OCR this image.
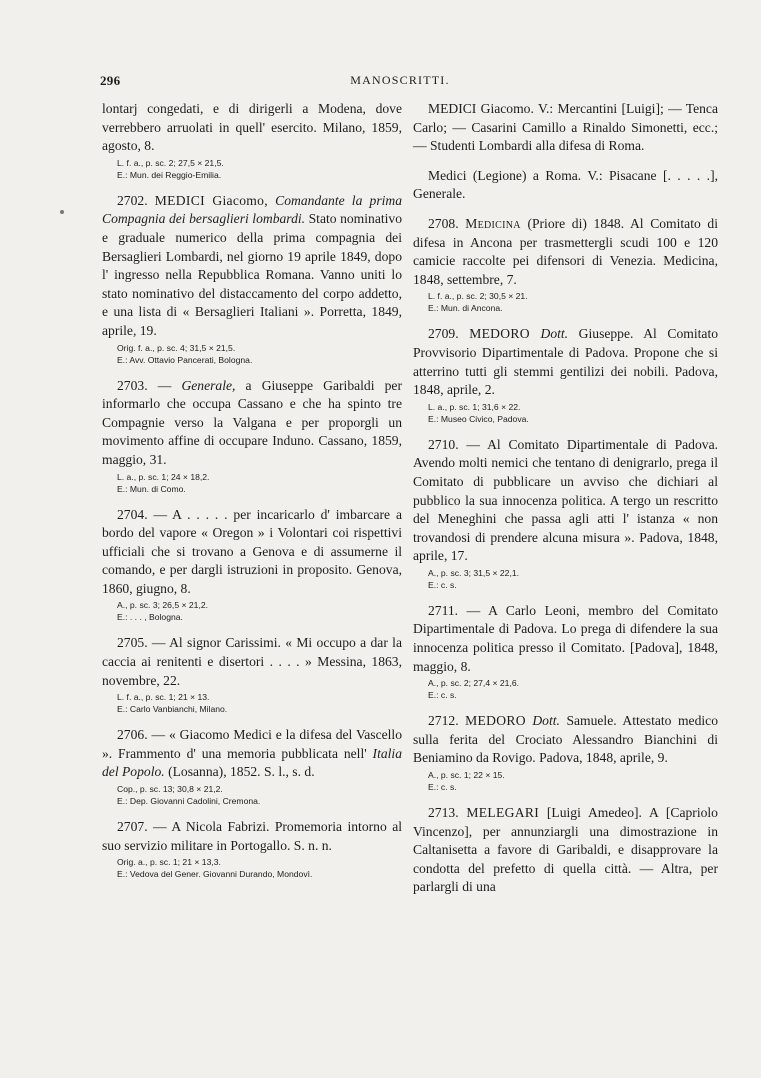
296	MANOSCRITTI.

lontarj congedati, e di dirigerli a Modena, dove verrebbero arruolati in quell' esercito. Milano, 1859, agosto, 8.

L. f. a., p. sc. 2; 27,5 × 21,5.
E.: Mun. dei Reggio-Emilia.

2702. MEDICI Giacomo, Comandante la prima Compagnia dei bersaglieri lombardi. Stato nominativo e graduale numerico della prima compagnia dei Bersaglieri Lombardi, nel giorno 19 aprile 1849, dopo l' ingresso nella Repubblica Romana. Vanno uniti lo stato nominativo del distaccamento del corpo addetto, e una lista di « Bersaglieri Italiani ». Porretta, 1849, aprile, 19.

Orig. f. a., p. sc. 4; 31,5 × 21,5.
E.: Avv. Ottavio Pancerati, Bologna.

2703. — Generale, a Giuseppe Garibaldi per informarlo che occupa Cassano e che ha spinto tre Compagnie verso la Valgana e per proporgli un movimento affine di occupare Induno. Cassano, 1859, maggio, 31.

L. a., p. sc. 1; 24 × 18,2.
E.: Mun. di Como.

2704. — A . . . . . per incaricarlo d' imbarcare a bordo del vapore « Oregon » i Volontari coi rispettivi ufficiali che si trovano a Genova e di assumerne il comando, e per dargli istruzioni in proposito. Genova, 1860, giugno, 8.

A., p. sc. 3; 26,5 × 21,2.
E.: . . . , Bologna.

2705. — Al signor Carissimi. « Mi occupo a dar la caccia ai renitenti e disertori . . . . » Messina, 1863, novembre, 22.

L. f. a., p. sc. 1; 21 × 13.
E.: Carlo Vanbianchi, Milano.

2706. — « Giacomo Medici e la difesa del Vascello ». Frammento d' una memoria pubblicata nell' Italia del Popolo. (Losanna), 1852. S. l., s. d.

Cop., p. sc. 13; 30,8 × 21,2.
E.: Dep. Giovanni Cadolini, Cremona.

2707. — A Nicola Fabrizi. Promemoria intorno al suo servizio militare in Portogallo. S. n. n.

Orig. a., p. sc. 1; 21 × 13,3.
E.: Vedova del Gener. Giovanni Durando, Mondovì.

MEDICI Giacomo. V.: Mercantini [Luigi]; — Tenca Carlo; — Casarini Camillo a Rinaldo Simonetti, ecc.; — Studenti Lombardi alla difesa di Roma.

Medici (Legione) a Roma. V.: Pisacane [. . . . .], Generale.

2708. Medicina (Priore di) 1848. Al Comitato di difesa in Ancona per trasmettergli scudi 100 e 120 camicie raccolte pei difensori di Venezia. Medicina, 1848, settembre, 7.

L. f. a., p. sc. 2; 30,5 × 21.
E.: Mun. di Ancona.

2709. MEDORO Dott. Giuseppe. Al Comitato Provvisorio Dipartimentale di Padova. Propone che si atterrino tutti gli stemmi gentilizi dei nobili. Padova, 1848, aprile, 2.

L. a., p. sc. 1; 31,6 × 22.
E.: Museo Civico, Padova.

2710. — Al Comitato Dipartimentale di Padova. Avendo molti nemici che tentano di denigrarlo, prega il Comitato di pubblicare un avviso che dichiari al pubblico la sua innocenza politica. A tergo un rescritto del Meneghini che passa agli atti l' istanza « non trovandosi di prendere alcuna misura ». Padova, 1848, aprile, 17.

A., p. sc. 3; 31,5 × 22,1.
E.: c. s.

2711. — A Carlo Leoni, membro del Comitato Dipartimentale di Padova. Lo prega di difendere la sua innocenza politica presso il Comitato. [Padova], 1848, maggio, 8.

A., p. sc. 2; 27,4 × 21,6.
E.: c. s.

2712. MEDORO Dott. Samuele. Attestato medico sulla ferita del Crociato Alessandro Bianchini di Beniamino da Rovigo. Padova, 1848, aprile, 9.

A., p. sc. 1; 22 × 15.
E.: c. s.

2713. MELEGARI [Luigi Amedeo]. A [Capriolo Vincenzo], per annunziargli una dimostrazione in Caltanisetta a favore di Garibaldi, e disapprovare la condotta del prefetto di quella città. — Altra, per parlargli di una
